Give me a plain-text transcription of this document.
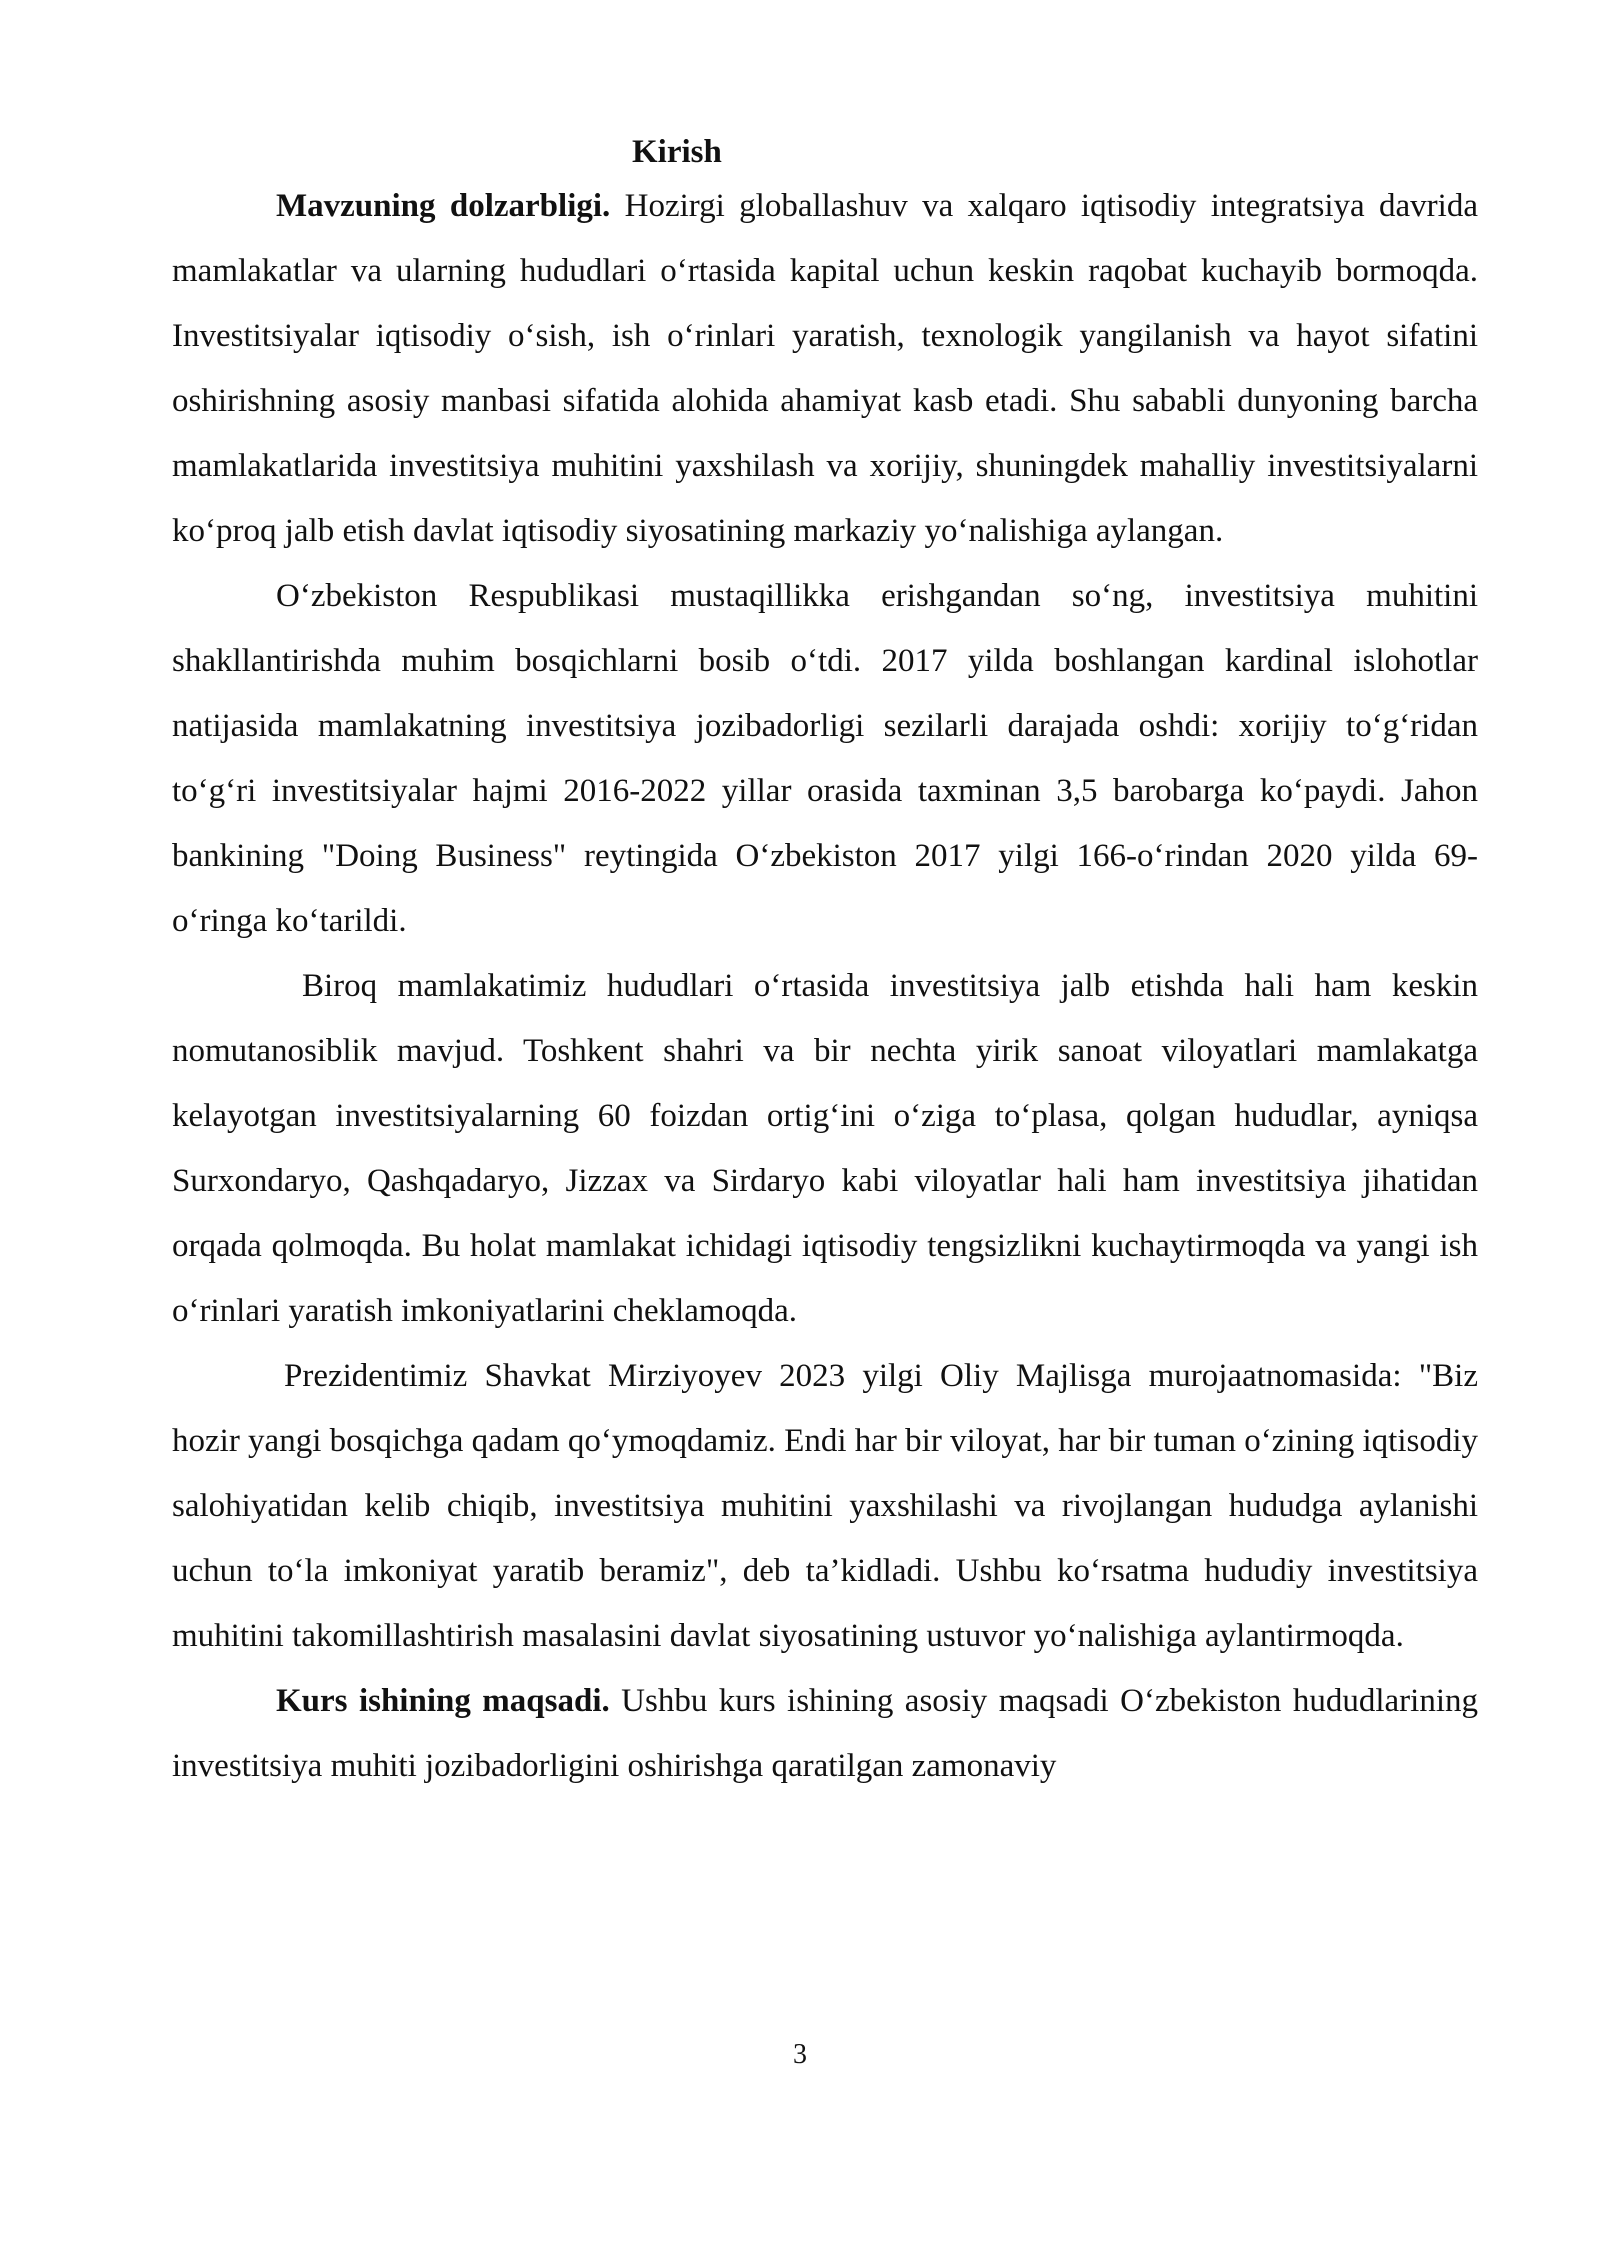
Kirish

Mavzuning dolzarbligi. Hozirgi globallashuv va xalqaro iqtisodiy integratsiya davrida mamlakatlar va ularning hududlari o‘rtasida kapital uchun keskin raqobat kuchayib bormoqda. Investitsiyalar iqtisodiy o‘sish, ish o‘rinlari yaratish, texnologik yangilanish va hayot sifatini oshirishning asosiy manbasi sifatida alohida ahamiyat kasb etadi. Shu sababli dunyoning barcha mamlakatlarida investitsiya muhitini yaxshilash va xorijiy, shuningdek mahalliy investitsiyalarni ko‘proq jalb etish davlat iqtisodiy siyosatining markaziy yo‘nalishiga aylangan.

O‘zbekiston Respublikasi mustaqillikka erishgandan so‘ng, investitsiya muhitini shakllantirishda muhim bosqichlarni bosib o‘tdi. 2017 yilda boshlangan kardinal islohotlar natijasida mamlakatning investitsiya jozibadorligi sezilarli darajada oshdi: xorijiy to‘g‘ridan to‘g‘ri investitsiyalar hajmi 2016-2022 yillar orasida taxminan 3,5 barobarga ko‘paydi. Jahon bankining "Doing Business" reytingida O‘zbekiston 2017 yilgi 166-o‘rindan 2020 yilda 69-o‘ringa ko‘tarildi.

Biroq mamlakatimiz hududlari o‘rtasida investitsiya jalb etishda hali ham keskin nomutanosiblik mavjud. Toshkent shahri va bir nechta yirik sanoat viloyatlari mamlakatga kelayotgan investitsiyalarning 60 foizdan ortig‘ini o‘ziga to‘plasa, qolgan hududlar, ayniqsa Surxondaryo, Qashqadaryo, Jizzax va Sirdaryo kabi viloyatlar hali ham investitsiya jihatidan orqada qolmoqda. Bu holat mamlakat ichidagi iqtisodiy tengsizlikni kuchaytirmoqda va yangi ish o‘rinlari yaratish imkoniyatlarini cheklamoqda.

Prezidentimiz Shavkat Mirziyoyev 2023 yilgi Oliy Majlisga murojaatnomasida: "Biz hozir yangi bosqichga qadam qo‘ymoqdamiz. Endi har bir viloyat, har bir tuman o‘zining iqtisodiy salohiyatidan kelib chiqib, investitsiya muhitini yaxshilashi va rivojlangan hududga aylanishi uchun to‘la imkoniyat yaratib beramiz", deb ta’kidladi. Ushbu ko‘rsatma hududiy investitsiya muhitini takomillashtirish masalasini davlat siyosatining ustuvor yo‘nalishiga aylantirmoqda.

Kurs ishining maqsadi. Ushbu kurs ishining asosiy maqsadi O‘zbekiston hududlarining investitsiya muhiti jozibadorligini oshirishga qaratilgan zamonaviy

3
